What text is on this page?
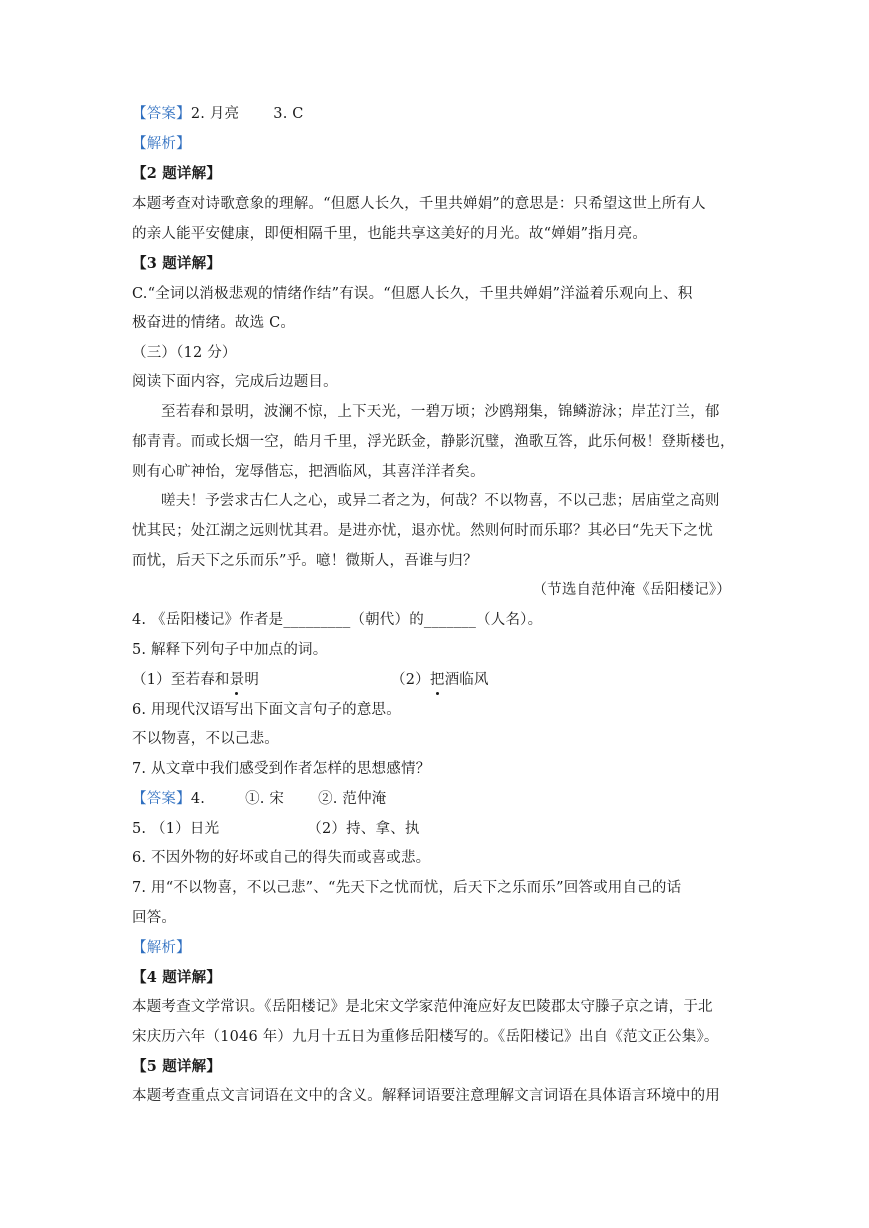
【答案】2. 月亮 3. C
【解析】
【2 题详解】
本题考查对诗歌意象的理解。“但愿人长久，千里共婵娟”的意思是：只希望这世上所有人
的亲人能平安健康，即便相隔千里，也能共享这美好的月光。故“婵娟”指月亮。
【3 题详解】
C.“全词以消极悲观的情绪作结”有误。“但愿人长久，千里共婵娟”洋溢着乐观向上、积
极奋进的情绪。故选 C。
（三）（12 分）
阅读下面内容，完成后边题目。
至若春和景明，波澜不惊，上下天光，一碧万顷；沙鸥翔集，锦鳞游泳；岸芷汀兰，郁
郁青青。而或长烟一空，皓月千里，浮光跃金，静影沉璧，渔歌互答，此乐何极！登斯楼也，
则有心旷神怡，宠辱偕忘，把酒临风，其喜洋洋者矣。
嗟夫！予尝求古仁人之心，或异二者之为，何哉？不以物喜，不以己悲；居庙堂之高则
忧其民；处江湖之远则忧其君。是进亦忧，退亦忧。然则何时而乐耶？其必曰“先天下之忧
而忧，后天下之乐而乐”乎。噫！微斯人，吾谁与归？
（节选自范仲淹《岳阳楼记》）
4. 《岳阳楼记》作者是_________（朝代）的_______（人名）。
5. 解释下列句子中加点的词。
（1）至若春和景明	（2）把酒临风
6. 用现代汉语写出下面文言句子的意思。
不以物喜，不以己悲。
7. 从文章中我们感受到作者怎样的思想感情？
【答案】4.	①. 宋 ②. 范仲淹
5. （1）日光	（2）持、拿、执
6. 不因外物的好坏或自己的得失而或喜或悲。
7. 用“不以物喜，不以己悲”、“先天下之忧而忧，后天下之乐而乐”回答或用自己的话
回答。
【解析】
【4 题详解】
本题考查文学常识。《岳阳楼记》是北宋文学家范仲淹应好友巴陵郡太守滕子京之请，于北
宋庆历六年（1046 年）九月十五日为重修岳阳楼写的。《岳阳楼记》出自《范文正公集》。
【5 题详解】
本题考查重点文言词语在文中的含义。解释词语要注意理解文言词语在具体语言环境中的用
